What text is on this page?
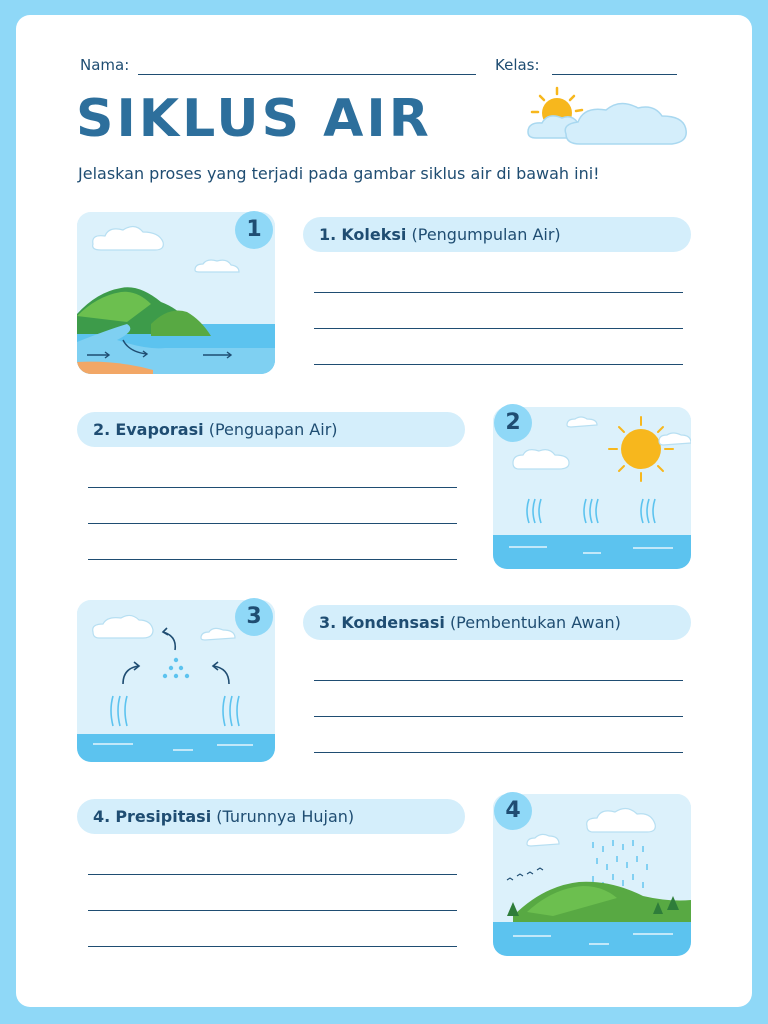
Nama:	Kelas:
SIKLUS AIR
Jelaskan proses yang terjadi pada gambar siklus air di bawah ini!
1	1. Koleksi (Pengumpulan Air)
2. Evaporasi (Penguapan Air)	2
3	3. Kondensasi (Pembentukan Awan)
4. Presipitasi (Turunnya Hujan)	4
